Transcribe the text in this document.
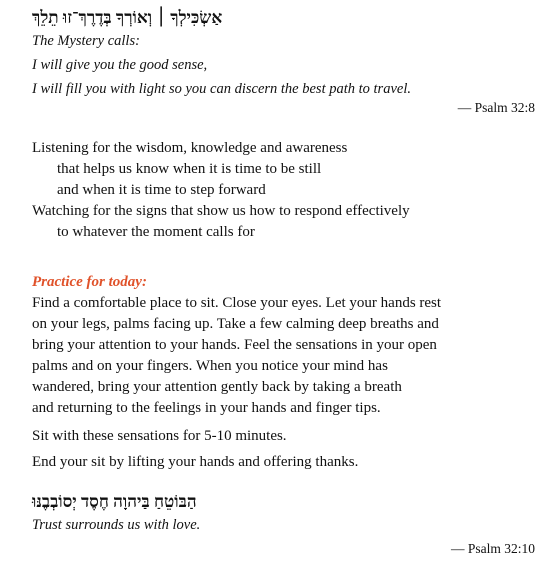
אַשְׂכִּילְךָ ׀ וְאוֹרְךָ בְּדֶרֶךְ־זוּ תֵלֵךְ
The Mystery calls:
I will give you the good sense,
I will fill you with light so you can discern the best path to travel.
— Psalm 32:8
Listening for the wisdom, knowledge and awareness
that helps us know when it is time to be still
and when it is time to step forward
Watching for the signs that show us how to respond effectively
to whatever the moment calls for
Practice for today:
Find a comfortable place to sit. Close your eyes. Let your hands rest
on your legs, palms facing up. Take a few calming deep breaths and
bring your attention to your hands. Feel the sensations in your open
palms and on your fingers. When you notice your mind has
wandered, bring your attention gently back by taking a breath
and returning to the feelings in your hands and finger tips.
Sit with these sensations for 5-10 minutes.
End your sit by lifting your hands and offering thanks.
הַבּוֹטֵחַ בַּיהוָה חֶסֶד יְסוֹבְבֶנּוּ
Trust surrounds us with love.
— Psalm 32:10
